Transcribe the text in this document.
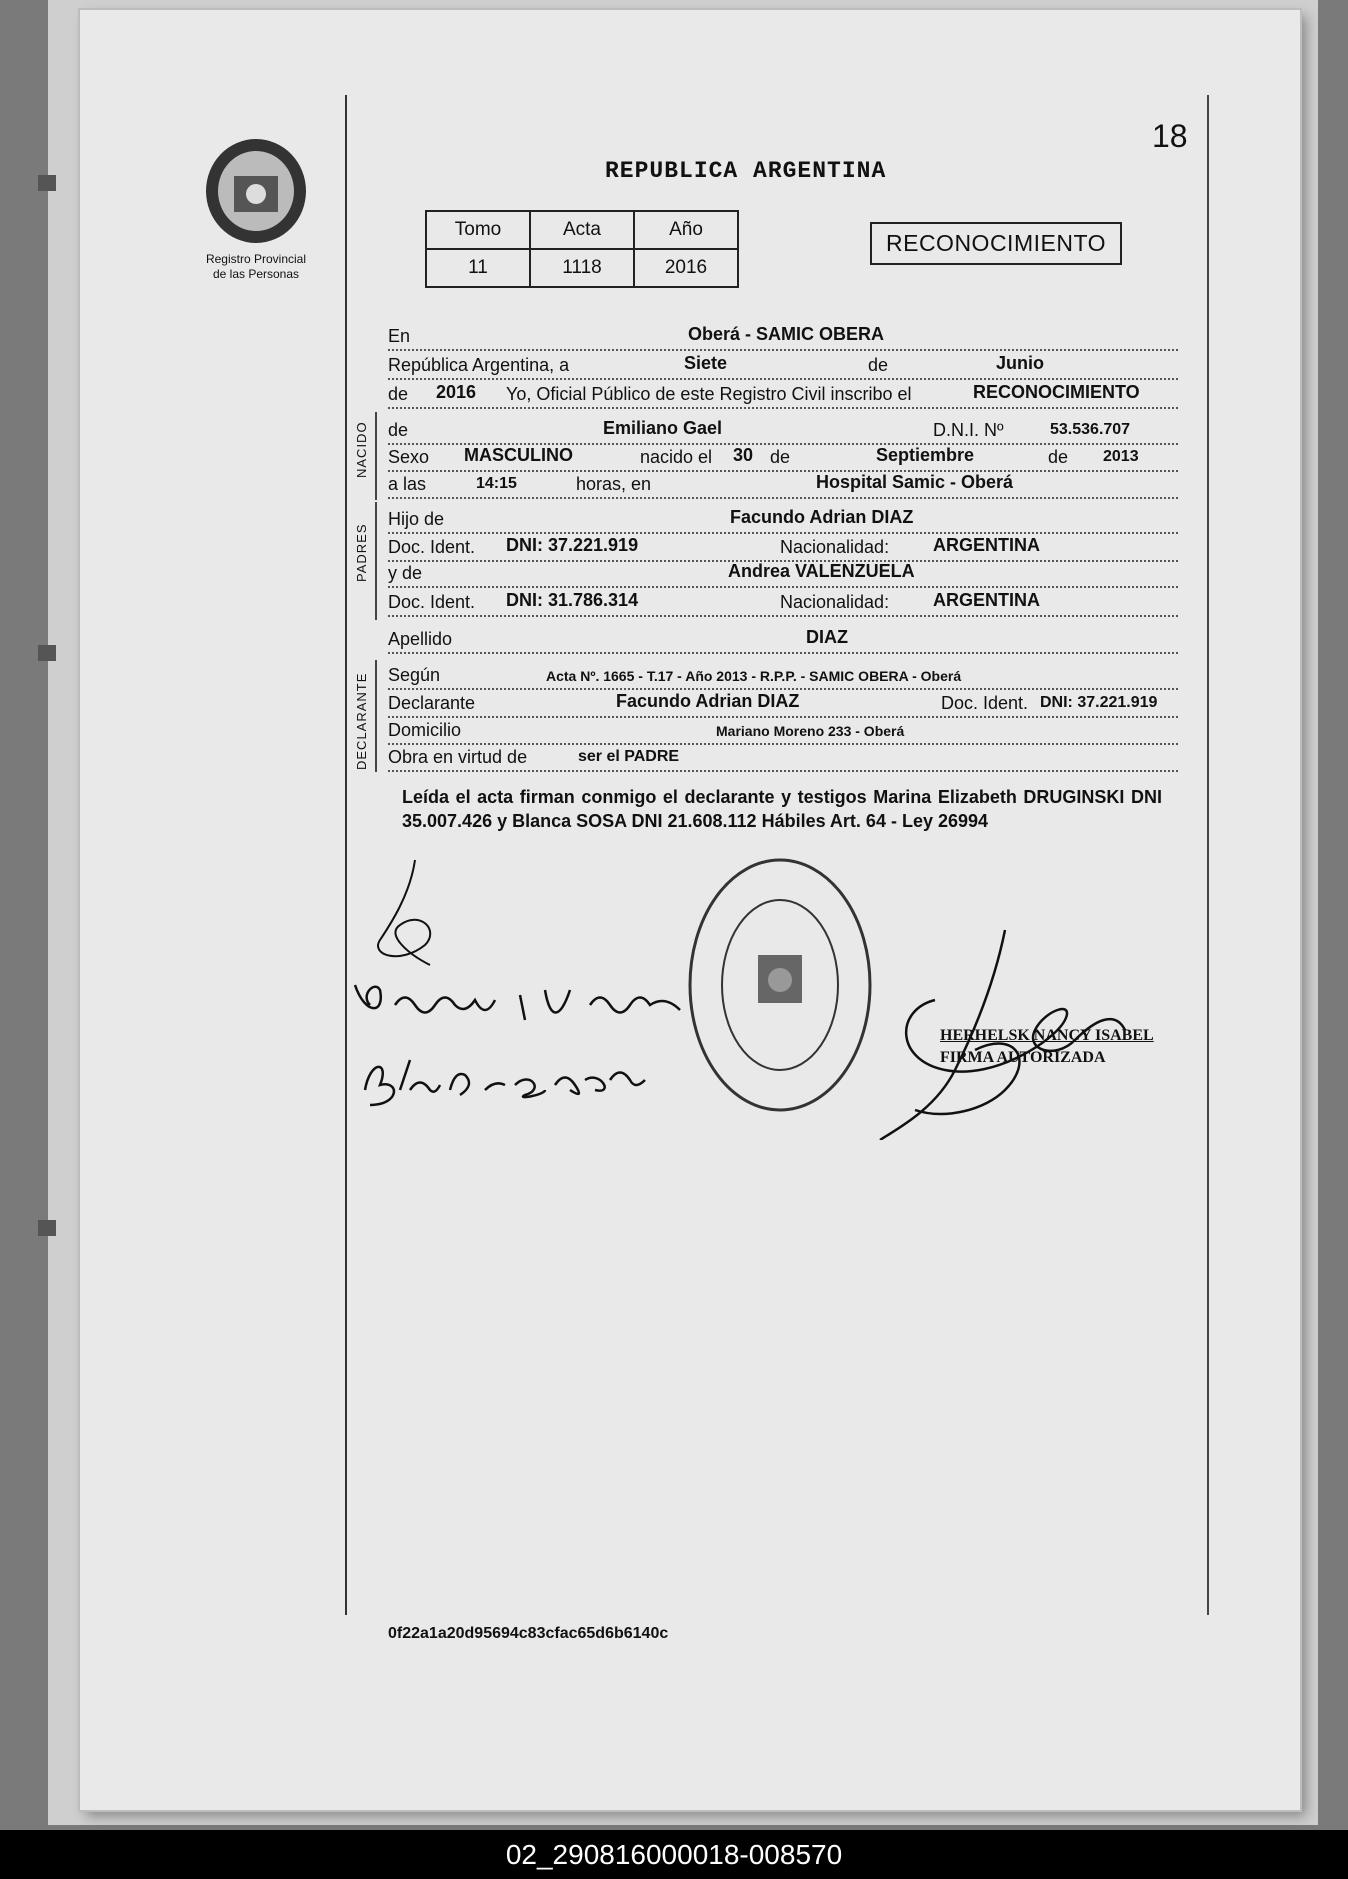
18
Registro Provincial
de las Personas
REPUBLICA ARGENTINA
Tomo	Acta	Año
11	1118	2016
RECONOCIMIENTO
En	Oberá - SAMIC OBERA
República Argentina, a	Siete	de	Junio
de 2016 Yo, Oficial Público de este Registro Civil inscribo el	RECONOCIMIENTO
NACIDO de	Emiliano Gael	D.N.I. Nº	53.536.707
Sexo MASCULINO	nacido el 30 de	Septiembre	de 2013
a las	14:15	horas, en	Hospital Samic - Oberá
PADRES
Hijo de	Facundo Adrian DIAZ
Doc. Ident. DNI: 37.221.919	Nacionalidad: ARGENTINA
y de	Andrea VALENZUELA
Doc. Ident. DNI: 31.786.314	Nacionalidad: ARGENTINA
Apellido	DIAZ
DECLARANTE Según	Acta Nº. 1665 - T.17 - Año 2013 - R.P.P. - SAMIC OBERA - Oberá
Declarante	Facundo Adrian DIAZ	Doc. Ident. DNI: 37.221.919
Domicilio	Mariano Moreno 233 - Oberá
Obra en virtud de	ser el PADRE
Leída el acta firman conmigo el declarante y testigos Marina Elizabeth DRUGINSKI DNI 35.007.426 y Blanca SOSA DNI 21.608.112 Hábiles Art. 64 - Ley 26994
HERHELSK NANCY ISABEL
FIRMA AUTORIZADA
0f22a1a20d95694c83cfac65d6b6140c
02_290816000018-008570
